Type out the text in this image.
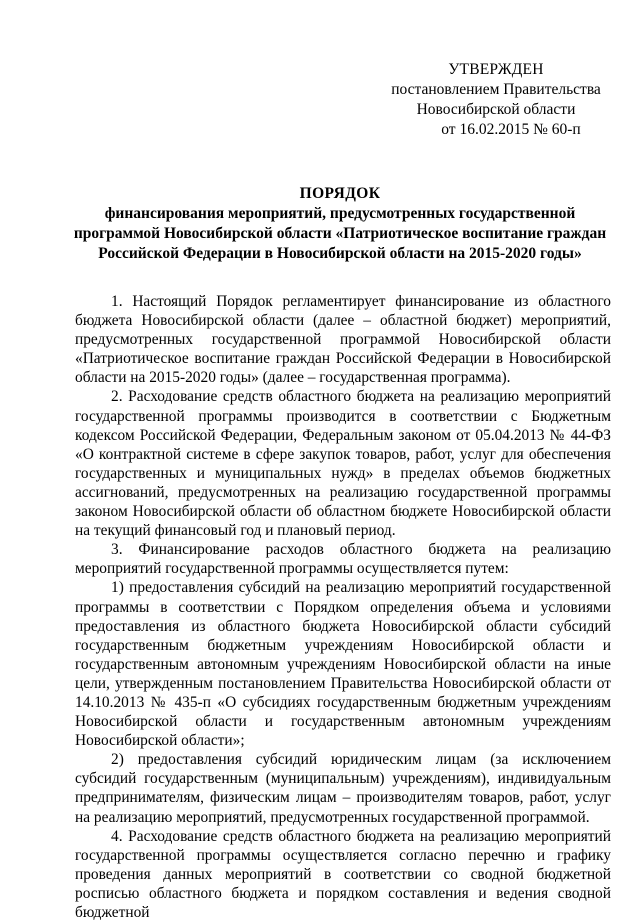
УТВЕРЖДЕН
постановлением Правительства
Новосибирской области
от 16.02.2015 № 60-п
ПОРЯДОК
финансирования мероприятий, предусмотренных государственной программой Новосибирской области «Патриотическое воспитание граждан Российской Федерации в Новосибирской области на 2015-2020 годы»

1. Настоящий Порядок регламентирует финансирование из областного бюджета Новосибирской области (далее – областной бюджет) мероприятий, предусмотренных государственной программой Новосибирской области «Патриотическое воспитание граждан Российской Федерации в Новосибирской области на 2015-2020 годы» (далее – государственная программа).

2. Расходование средств областного бюджета на реализацию мероприятий государственной программы производится в соответствии с Бюджетным кодексом Российской Федерации, Федеральным законом от 05.04.2013 № 44-ФЗ «О контрактной системе в сфере закупок товаров, работ, услуг для обеспечения государственных и муниципальных нужд» в пределах объемов бюджетных ассигнований, предусмотренных на реализацию государственной программы законом Новосибирской области об областном бюджете Новосибирской области на текущий финансовый год и плановый период.

3. Финансирование расходов областного бюджета на реализацию мероприятий государственной программы осуществляется путем:

1) предоставления субсидий на реализацию мероприятий государственной программы в соответствии с Порядком определения объема и условиями предоставления из областного бюджета Новосибирской области субсидий государственным бюджетным учреждениям Новосибирской области и государственным автономным учреждениям Новосибирской области на иные цели, утвержденным постановлением Правительства Новосибирской области от 14.10.2013 № 435-п «О субсидиях государственным бюджетным учреждениям Новосибирской области и государственным автономным учреждениям Новосибирской области»;

2) предоставления субсидий юридическим лицам (за исключением субсидий государственным (муниципальным) учреждениям), индивидуальным предпринимателям, физическим лицам – производителям товаров, работ, услуг на реализацию мероприятий, предусмотренных государственной программой.

4. Расходование средств областного бюджета на реализацию мероприятий государственной программы осуществляется согласно перечню и графику проведения данных мероприятий в соответствии со сводной бюджетной росписью областного бюджета и порядком составления и ведения сводной бюджетной
